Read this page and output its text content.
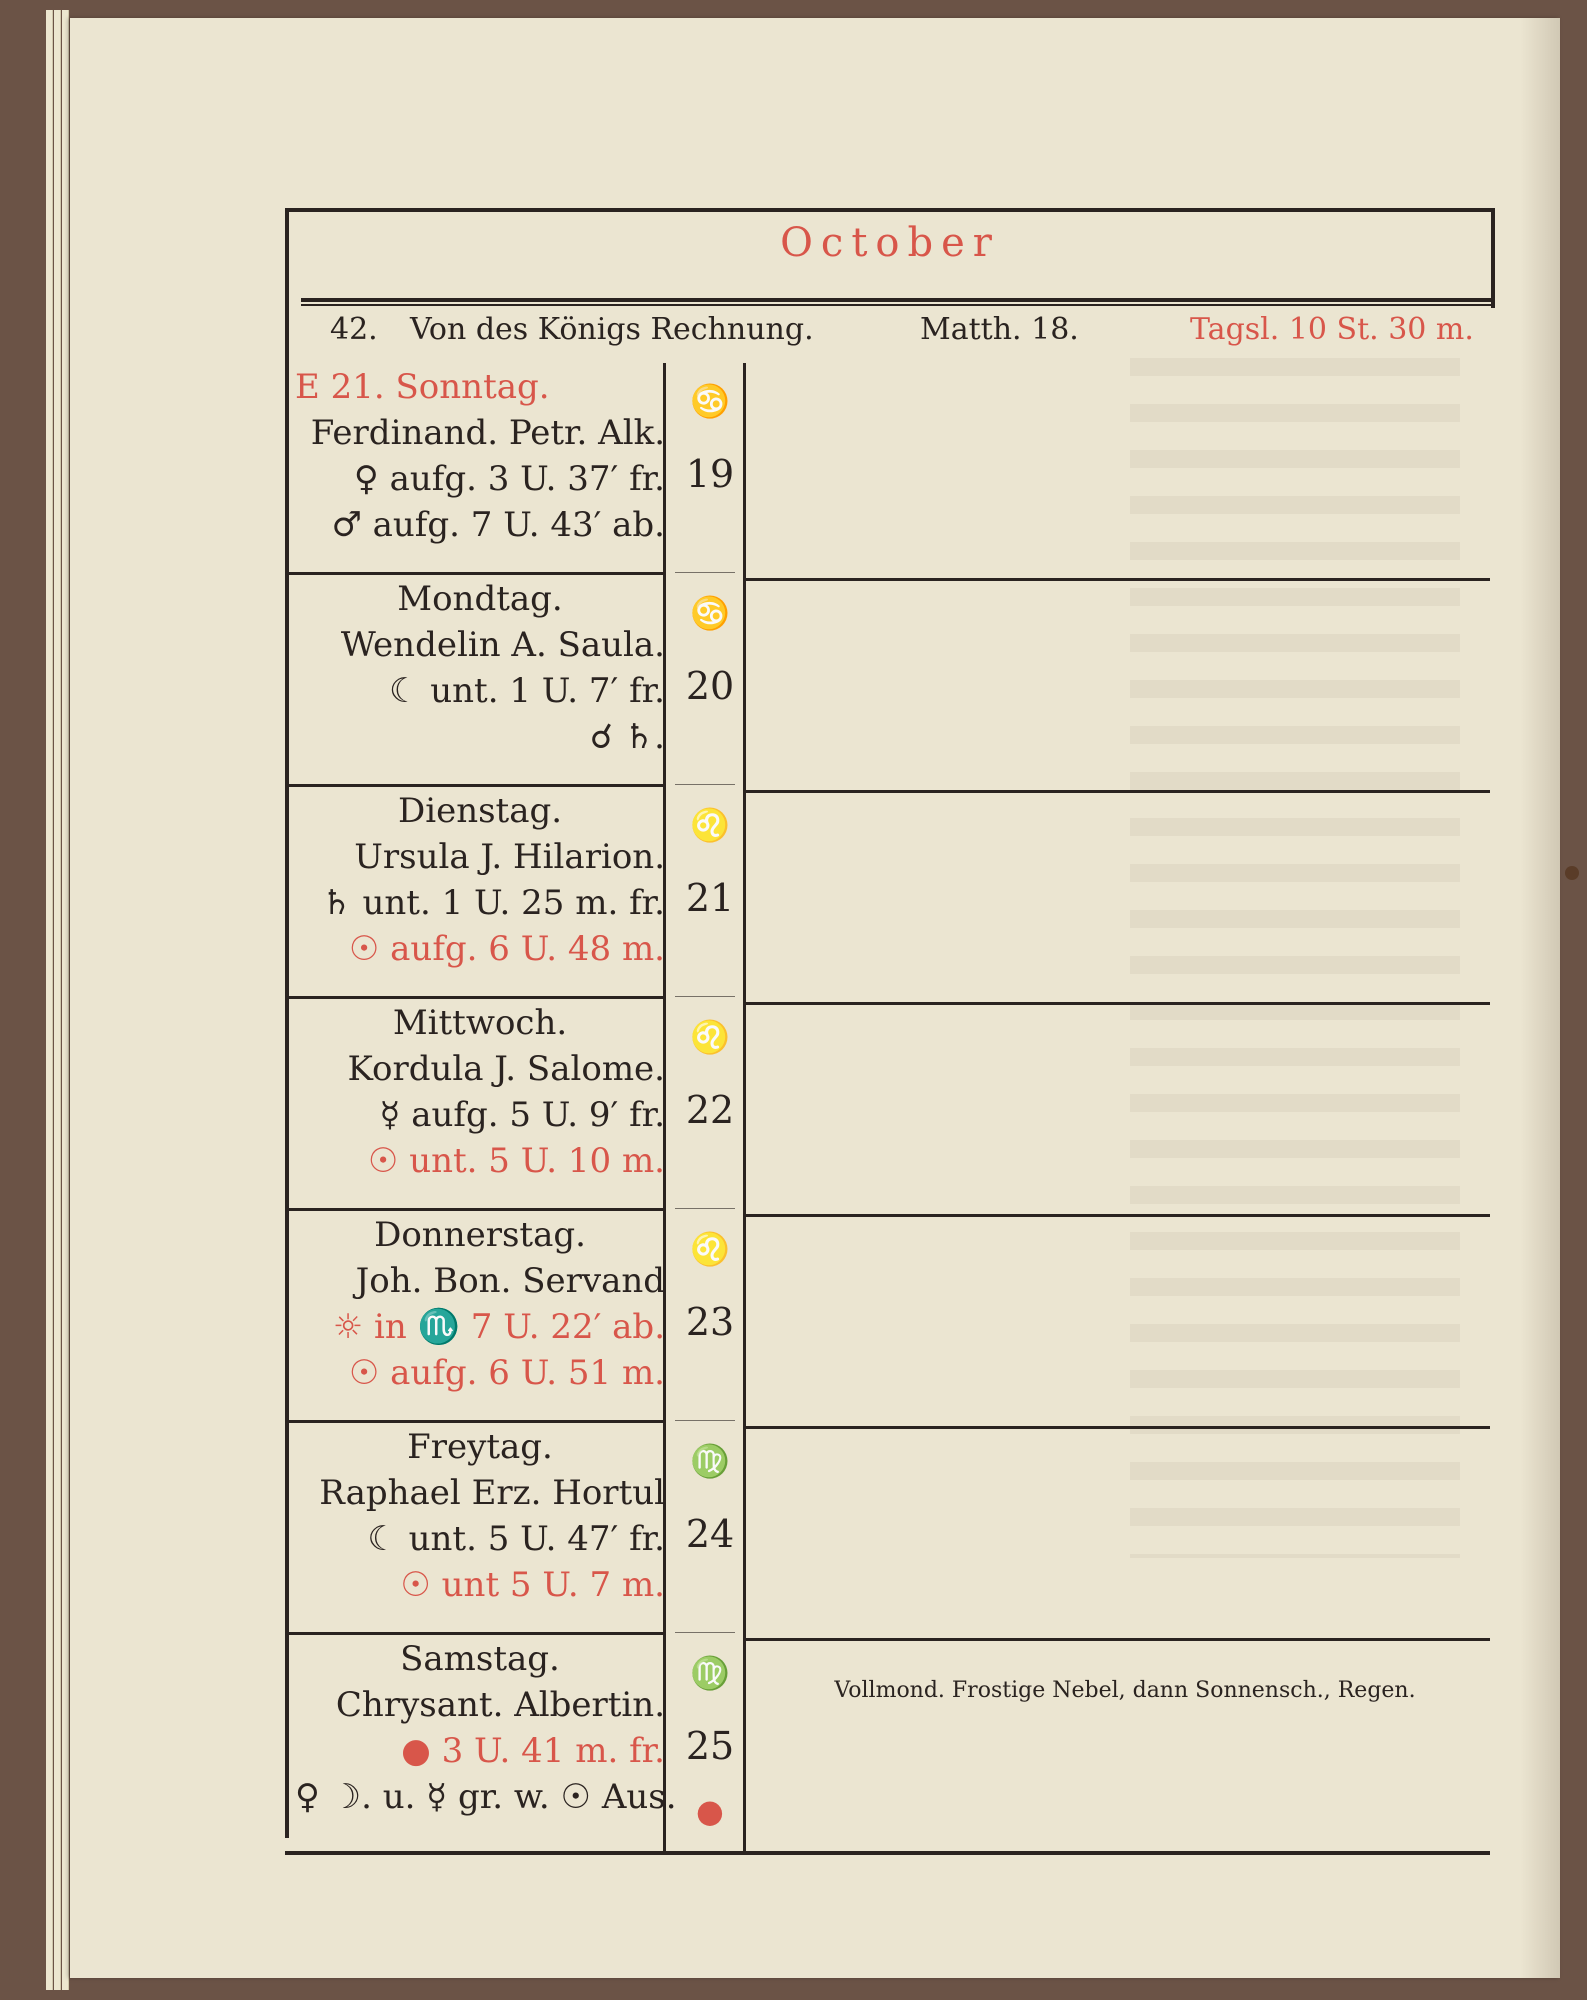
October
42. Von des Königs Rechnung.	Matth. 18.	Tagsl. 10 St. 30 m.
E 21. Sonntag.
Ferdinand. Petr. Alk.
♀ aufg. 3 U. 37′ fr.
♂ aufg. 7 U. 43′ ab.
♋
19
Mondtag.
Wendelin A. Saula.
☾ unt. 1 U. 7′ fr.
☌ ♄.
♋
20
Dienstag.
Ursula J. Hilarion.
♄ unt. 1 U. 25 m. fr.
☉ aufg. 6 U. 48 m.
♌
21
Mittwoch.
Kordula J. Salome.
☿ aufg. 5 U. 9′ fr.
☉ unt. 5 U. 10 m.
♌
22
Donnerstag.
Joh. Bon. Servand
☼ in ♏ 7 U. 22′ ab.
☉ aufg. 6 U. 51 m.
♌
23
Freytag.
Raphael Erz. Hortul
☾ unt. 5 U. 47′ fr.
☉ unt 5 U. 7 m.
♍
24
Samstag.
Chrysant. Albertin.
● 3 U. 41 m. fr.
♀ ☽. u. ☿ gr. w. ☉ Aus.
♍
25
●
Vollmond. Frostige Nebel, dann Sonnensch., Regen.
